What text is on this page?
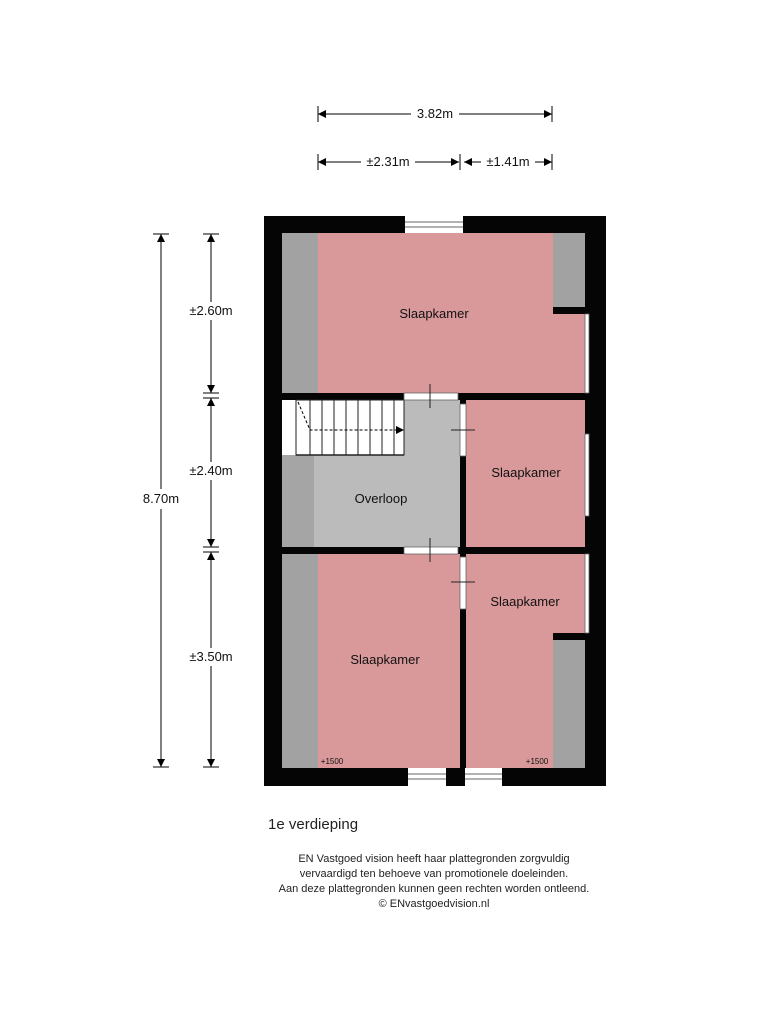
Slaapkamer
Overloop
Slaapkamer
Slaapkamer
Slaapkamer
+1500	+1500
3.82m
±2.31m	±1.41m
8.70m
±2.60m
±2.40m
±3.50m
1e verdieping
EN Vastgoed vision heeft haar plattegronden zorgvuldig
vervaardigd ten behoeve van promotionele doeleinden.
Aan deze plattegronden kunnen geen rechten worden ontleend.
© ENvastgoedvision.nl
